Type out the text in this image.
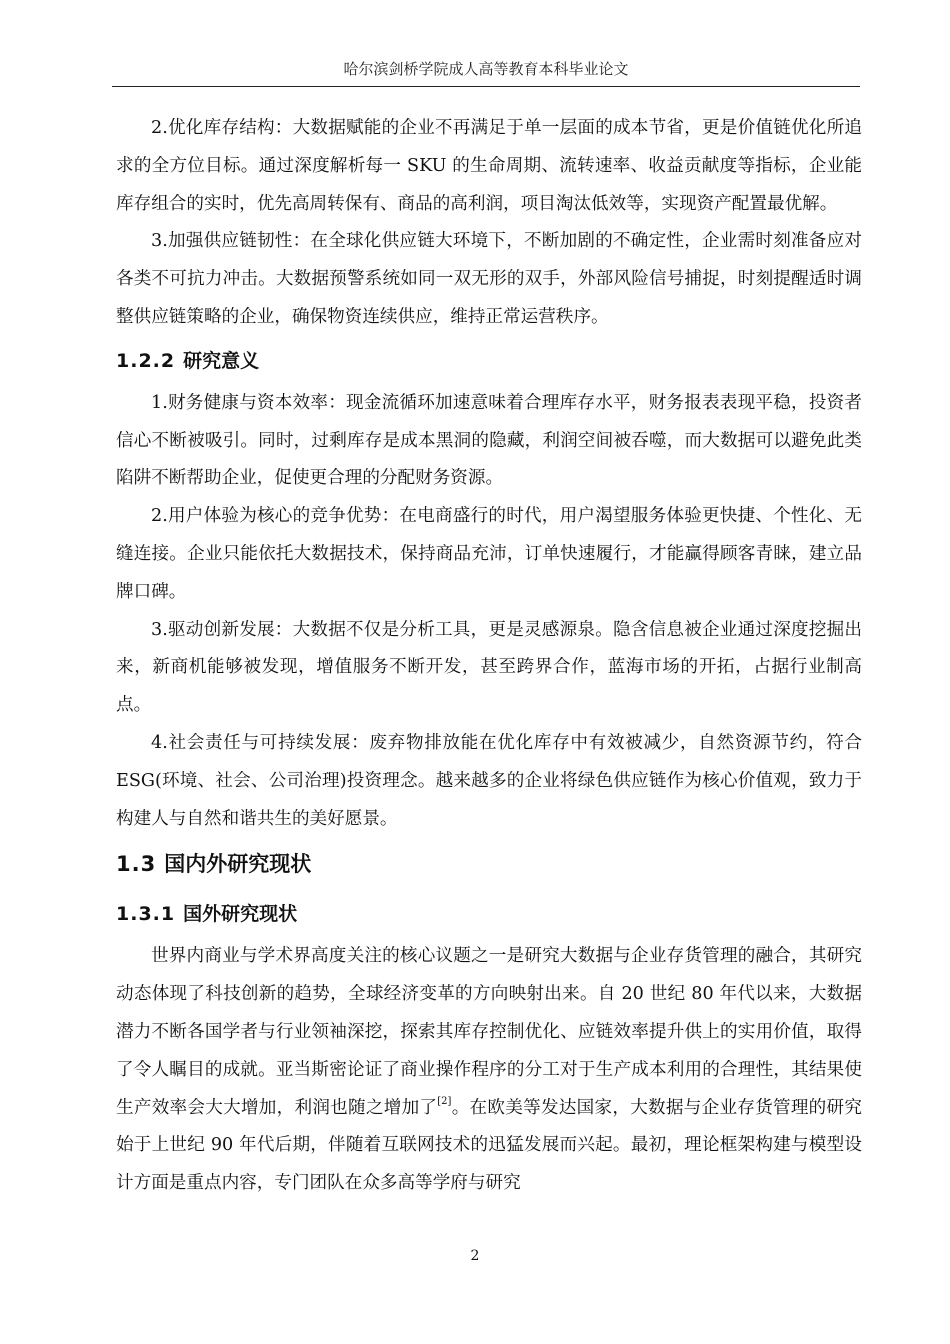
哈尔滨剑桥学院成人高等教育本科毕业论文

2.优化库存结构：大数据赋能的企业不再满足于单一层面的成本节省，更是价值链优化所追求的全方位目标。通过深度解析每一 SKU 的生命周期、流转速率、收益贡献度等指标，企业能库存组合的实时，优先高周转保有、商品的高利润，项目淘汰低效等，实现资产配置最优解。

3.加强供应链韧性：在全球化供应链大环境下，不断加剧的不确定性，企业需时刻准备应对各类不可抗力冲击。大数据预警系统如同一双无形的双手，外部风险信号捕捉，时刻提醒适时调整供应链策略的企业，确保物资连续供应，维持正常运营秩序。

1.2.2 研究意义

1.财务健康与资本效率：现金流循环加速意味着合理库存水平，财务报表表现平稳，投资者信心不断被吸引。同时，过剩库存是成本黑洞的隐藏，利润空间被吞噬，而大数据可以避免此类陷阱不断帮助企业，促使更合理的分配财务资源。

2.用户体验为核心的竞争优势：在电商盛行的时代，用户渴望服务体验更快捷、个性化、无缝连接。企业只能依托大数据技术，保持商品充沛，订单快速履行，才能赢得顾客青睐，建立品牌口碑。

3.驱动创新发展：大数据不仅是分析工具，更是灵感源泉。隐含信息被企业通过深度挖掘出来，新商机能够被发现，增值服务不断开发，甚至跨界合作，蓝海市场的开拓，占据行业制高点。

4.社会责任与可持续发展：废弃物排放能在优化库存中有效被减少，自然资源节约，符合 ESG(环境、社会、公司治理)投资理念。越来越多的企业将绿色供应链作为核心价值观，致力于构建人与自然和谐共生的美好愿景。

1.3 国内外研究现状
1.3.1 国外研究现状

世界内商业与学术界高度关注的核心议题之一是研究大数据与企业存货管理的融合，其研究动态体现了科技创新的趋势，全球经济变革的方向映射出来。自 20 世纪 80 年代以来，大数据潜力不断各国学者与行业领袖深挖，探索其库存控制优化、应链效率提升供上的实用价值，取得了令人瞩目的成就。亚当斯密论证了商业操作程序的分工对于生产成本利用的合理性，其结果使生产效率会大大增加，利润也随之增加了[2]。在欧美等发达国家，大数据与企业存货管理的研究始于上世纪 90 年代后期，伴随着互联网技术的迅猛发展而兴起。最初，理论框架构建与模型设计方面是重点内容，专门团队在众多高等学府与研究

2
